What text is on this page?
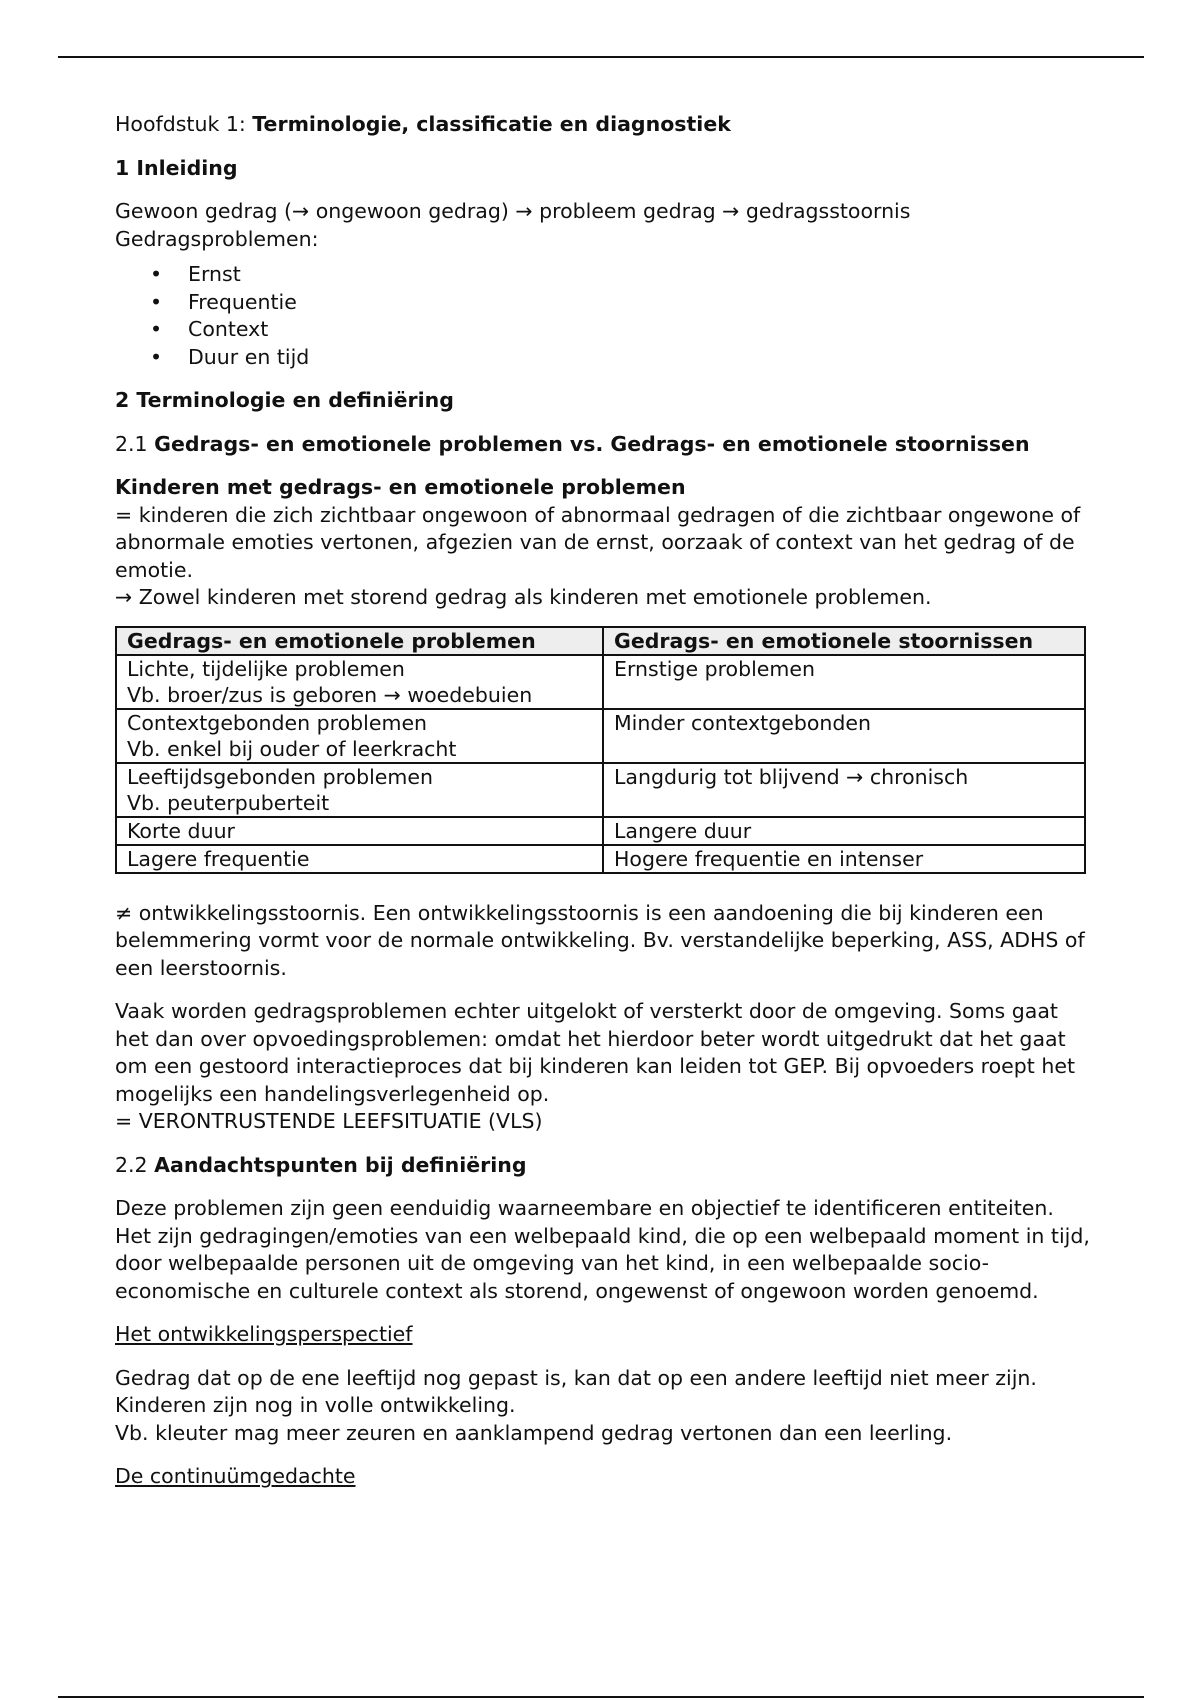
Hoofdstuk 1: Terminologie, classificatie en diagnostiek

1 Inleiding

Gewoon gedrag (→ ongewoon gedrag) → probleem gedrag → gedragsstoornis

Gedragsproblemen:

• Ernst
• Frequentie
• Context
• Duur en tijd

2 Terminologie en definiëring

2.1 Gedrags- en emotionele problemen vs. Gedrags- en emotionele stoornissen

Kinderen met gedrags- en emotionele problemen

= kinderen die zich zichtbaar ongewoon of abnormaal gedragen of die zichtbaar ongewone of abnormale emoties vertonen, afgezien van de ernst, oorzaak of context van het gedrag of de emotie.

→ Zowel kinderen met storend gedrag als kinderen met emotionele problemen.

Gedrags- en emotionele problemen	Gedrags- en emotionele stoornissen

Lichte, tijdelijke problemen
Vb. broer/zus is geboren → woedebuien	Ernstige problemen

Contextgebonden problemen
Vb. enkel bij ouder of leerkracht	Minder contextgebonden

Leeftijdsgebonden problemen
Vb. peuterpuberteit	Langdurig tot blijvend → chronisch
Korte duur	Langere duur
Lagere frequentie	Hogere frequentie en intenser

≠ ontwikkelingsstoornis. Een ontwikkelingsstoornis is een aandoening die bij kinderen een belemmering vormt voor de normale ontwikkeling. Bv. verstandelijke beperking, ASS, ADHS of een leerstoornis.

Vaak worden gedragsproblemen echter uitgelokt of versterkt door de omgeving. Soms gaat het dan over opvoedingsproblemen: omdat het hierdoor beter wordt uitgedrukt dat het gaat om een gestoord interactieproces dat bij kinderen kan leiden tot GEP. Bij opvoeders roept het mogelijks een handelingsverlegenheid op.

= VERONTRUSTENDE LEEFSITUATIE (VLS)

2.2 Aandachtspunten bij definiëring

Deze problemen zijn geen eenduidig waarneembare en objectief te identificeren entiteiten. Het zijn gedragingen/emoties van een welbepaald kind, die op een welbepaald moment in tijd, door welbepaalde personen uit de omgeving van het kind, in een welbepaalde socio-economische en culturele context als storend, ongewenst of ongewoon worden genoemd.

Het ontwikkelingsperspectief

Gedrag dat op de ene leeftijd nog gepast is, kan dat op een andere leeftijd niet meer zijn. Kinderen zijn nog in volle ontwikkeling.

Vb. kleuter mag meer zeuren en aanklampend gedrag vertonen dan een leerling.

De continuümgedachte
